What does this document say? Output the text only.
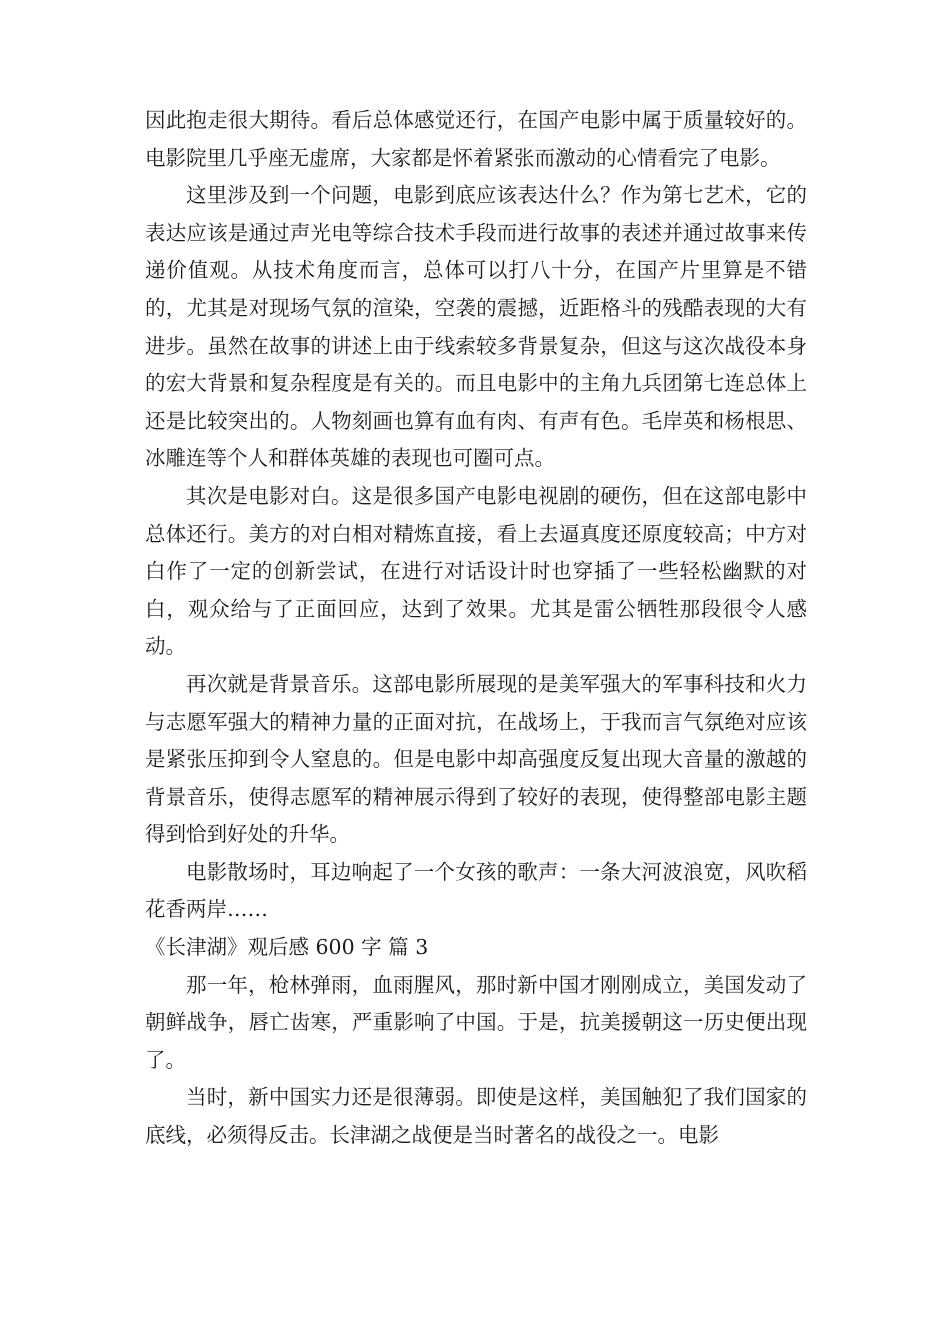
因此抱走很大期待。看后总体感觉还行，在国产电影中属于质量较好的。电影院里几乎座无虚席，大家都是怀着紧张而激动的心情看完了电影。

这里涉及到一个问题，电影到底应该表达什么？作为第七艺术，它的表达应该是通过声光电等综合技术手段而进行故事的表述并通过故事来传递价值观。从技术角度而言，总体可以打八十分，在国产片里算是不错的，尤其是对现场气氛的渲染，空袭的震撼，近距格斗的残酷表现的大有进步。虽然在故事的讲述上由于线索较多背景复杂，但这与这次战役本身的宏大背景和复杂程度是有关的。而且电影中的主角九兵团第七连总体上还是比较突出的。人物刻画也算有血有肉、有声有色。毛岸英和杨根思、冰雕连等个人和群体英雄的表现也可圈可点。

其次是电影对白。这是很多国产电影电视剧的硬伤，但在这部电影中总体还行。美方的对白相对精炼直接，看上去逼真度还原度较高；中方对白作了一定的创新尝试，在进行对话设计时也穿插了一些轻松幽默的对白，观众给与了正面回应，达到了效果。尤其是雷公牺牲那段很令人感动。

再次就是背景音乐。这部电影所展现的是美军强大的军事科技和火力与志愿军强大的精神力量的正面对抗，在战场上，于我而言气氛绝对应该是紧张压抑到令人窒息的。但是电影中却高强度反复出现大音量的激越的背景音乐，使得志愿军的精神展示得到了较好的表现，使得整部电影主题得到恰到好处的升华。

电影散场时，耳边响起了一个女孩的歌声：一条大河波浪宽，风吹稻花香两岸……

《长津湖》观后感 600 字 篇 3

那一年，枪林弹雨，血雨腥风，那时新中国才刚刚成立，美国发动了朝鲜战争，唇亡齿寒，严重影响了中国。于是，抗美援朝这一历史便出现了。

当时，新中国实力还是很薄弱。即使是这样，美国触犯了我们国家的底线，必须得反击。长津湖之战便是当时著名的战役之一。电影
